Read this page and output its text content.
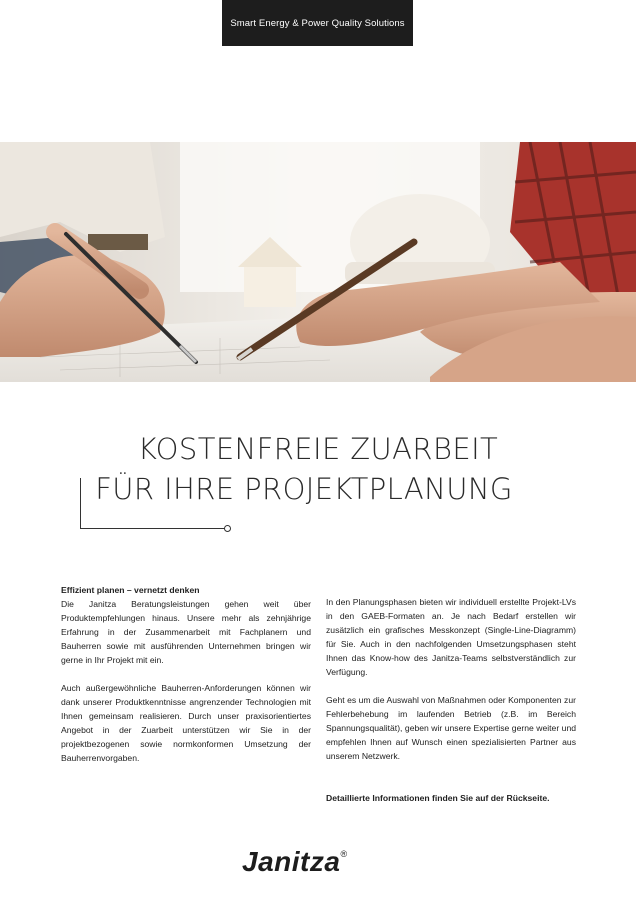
Smart Energy & Power Quality Solutions
KOSTENFREIE ZUARBEIT
FÜR IHRE PROJEKTPLANUNG
Effizient planen – vernetzt denken

Die Janitza Beratungsleistungen gehen weit über Produktempfehlungen hinaus. Unsere mehr als zehnjährige Erfahrung in der Zusammenarbeit mit Fachplanern und Bauherren sowie mit ausführenden Unternehmen bringen wir gerne in Ihr Projekt mit ein.

Auch außergewöhnliche Bauherren-Anforderungen können wir dank unserer Produktkenntnisse angrenzender Technologien mit Ihnen gemeinsam realisieren. Durch unser praxisorientiertes Angebot in der Zuarbeit unterstützen wir Sie in der projektbezogenen sowie normkonformen Umsetzung der Bauherrenvorgaben.

In den Planungsphasen bieten wir individuell erstellte Projekt-LVs in den GAEB-Formaten an. Je nach Bedarf erstellen wir zusätzlich ein grafisches Messkonzept (Single-Line-Diagramm) für Sie. Auch in den nachfolgenden Umsetzungsphasen steht Ihnen das Know-how des Janitza-Teams selbstverständlich zur Verfügung.

Geht es um die Auswahl von Maßnahmen oder Komponenten zur Fehlerbehebung im laufenden Betrieb (z.B. im Bereich Spannungsqualität), geben wir unsere Expertise gerne weiter und empfehlen Ihnen auf Wunsch einen spezialisierten Partner aus unserem Netzwerk.

Detaillierte Informationen finden Sie auf der Rückseite.

Janitza®
